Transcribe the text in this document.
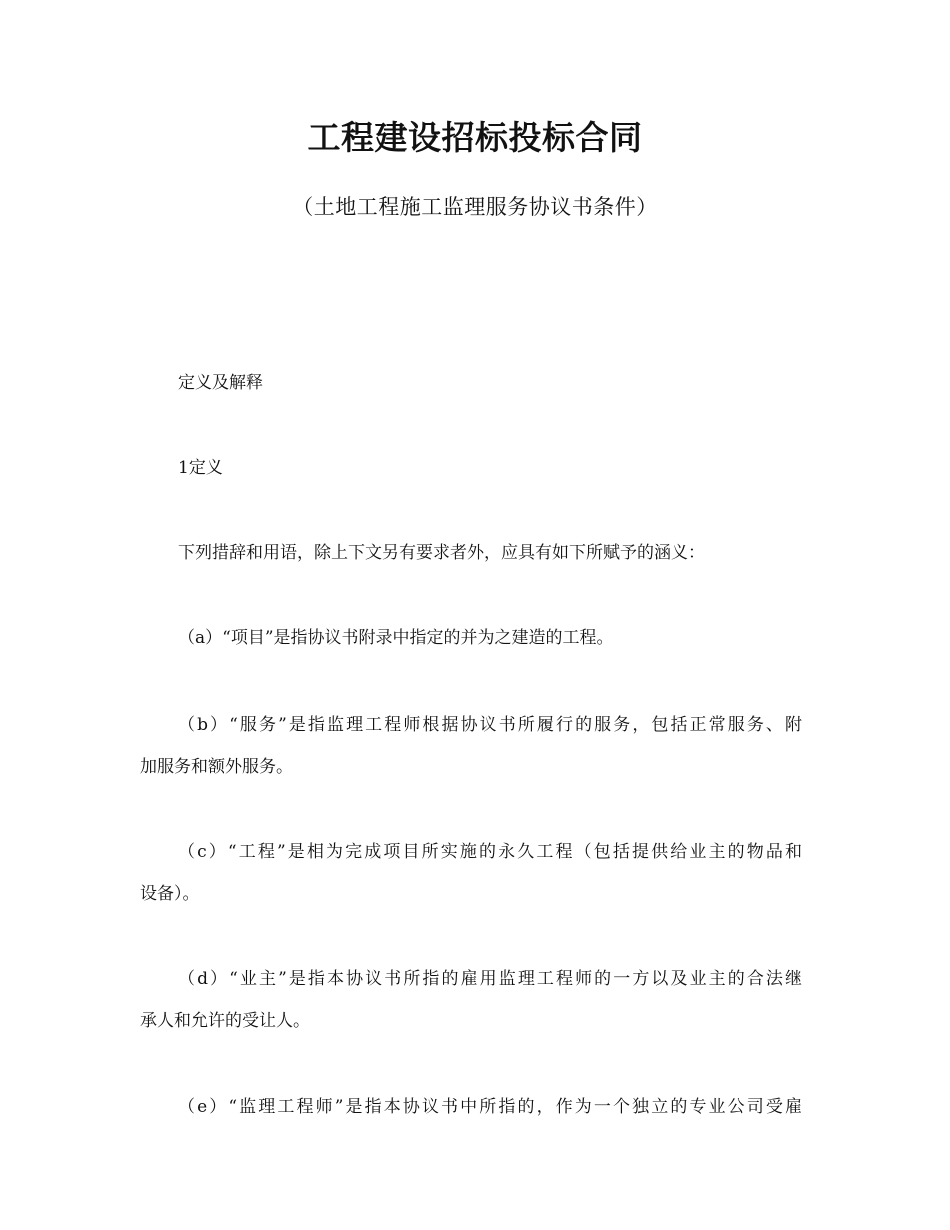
工程建设招标投标合同
（土地工程施工监理服务协议书条件）
定义及解释
1定义
下列措辞和用语，除上下文另有要求者外，应具有如下所赋予的涵义：
（a）“项目”是指协议书附录中指定的并为之建造的工程。
（b）“服务”是指监理工程师根据协议书所履行的服务，包括正常服务、附
加服务和额外服务。
（c）“工程”是相为完成项目所实施的永久工程（包括提供给业主的物品和
设备）。
（d）“业主”是指本协议书所指的雇用监理工程师的一方以及业主的合法继
承人和允许的受让人。
（e）“监理工程师”是指本协议书中所指的，作为一个独立的专业公司受雇
